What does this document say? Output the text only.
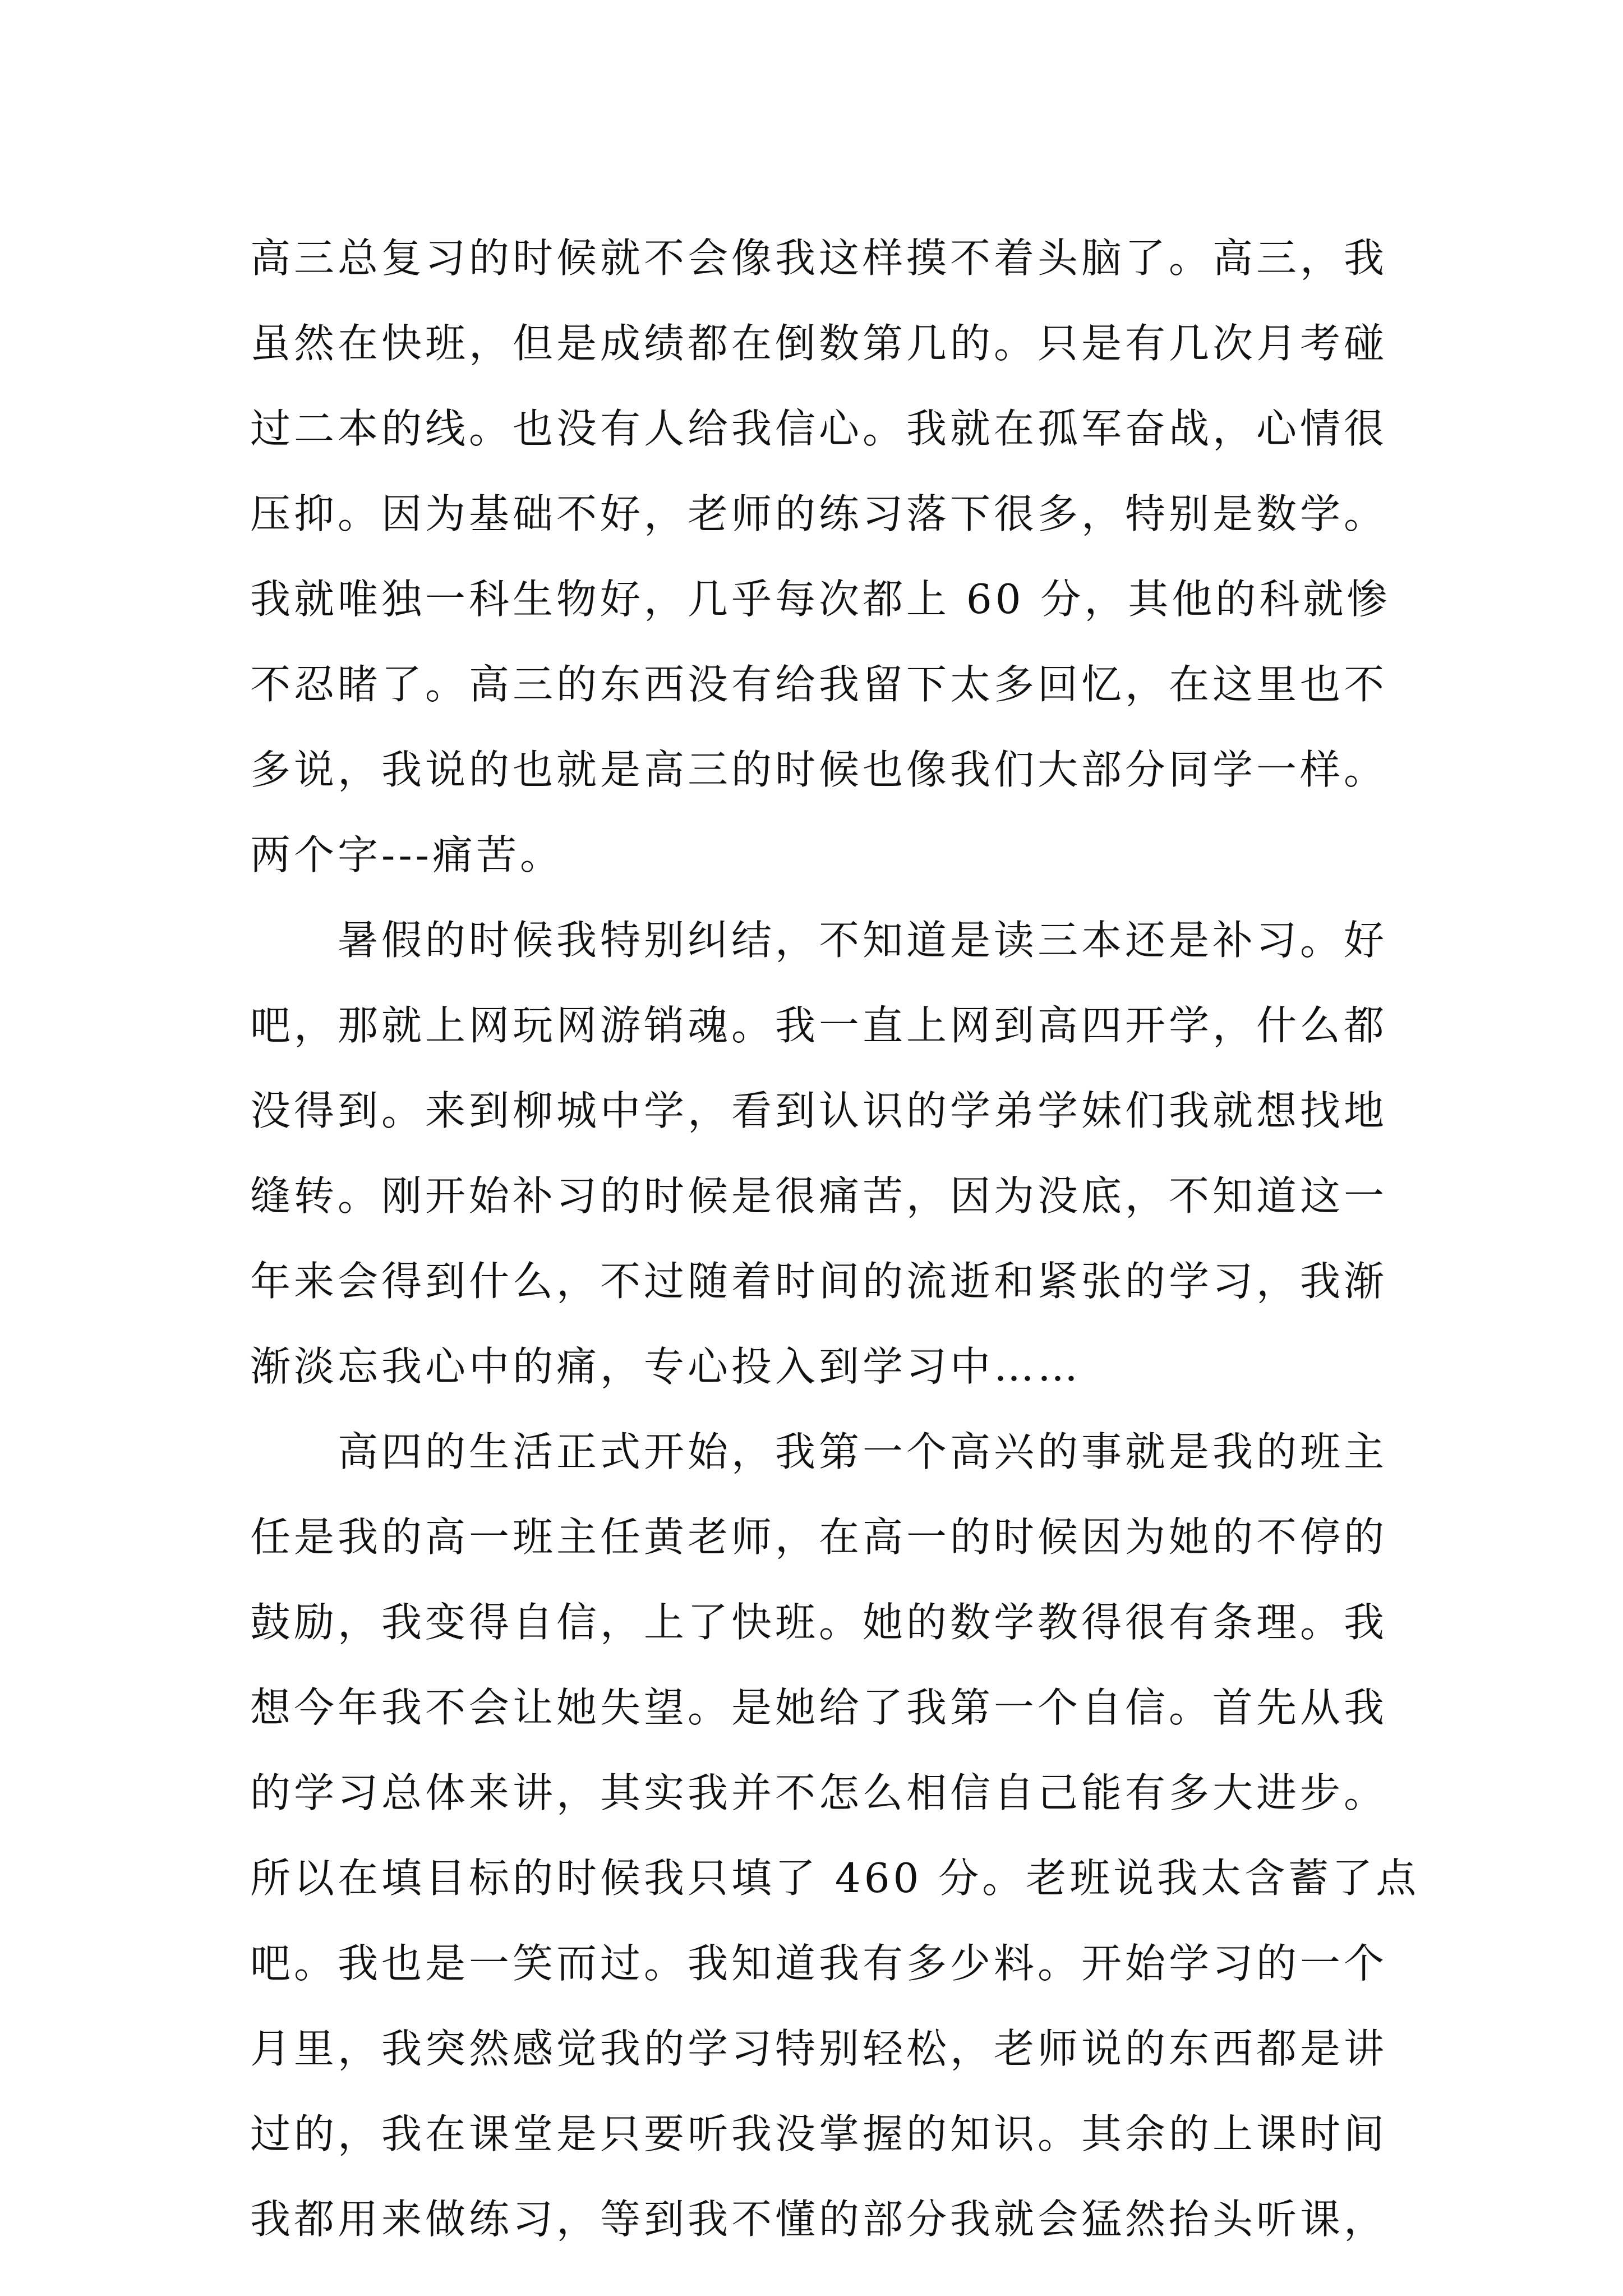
高三总复习的时候就不会像我这样摸不着头脑了。高三，我
虽然在快班，但是成绩都在倒数第几的。只是有几次月考碰
过二本的线。也没有人给我信心。我就在孤军奋战，心情很
压抑。因为基础不好，老师的练习落下很多，特别是数学。
我就唯独一科生物好，几乎每次都上 60 分，其他的科就惨
不忍睹了。高三的东西没有给我留下太多回忆，在这里也不
多说，我说的也就是高三的时候也像我们大部分同学一样。
两个字---痛苦。
　　暑假的时候我特别纠结，不知道是读三本还是补习。好
吧，那就上网玩网游销魂。我一直上网到高四开学，什么都
没得到。来到柳城中学，看到认识的学弟学妹们我就想找地
缝转。刚开始补习的时候是很痛苦，因为没底，不知道这一
年来会得到什么，不过随着时间的流逝和紧张的学习，我渐
渐淡忘我心中的痛，专心投入到学习中……
　　高四的生活正式开始，我第一个高兴的事就是我的班主
任是我的高一班主任黄老师，在高一的时候因为她的不停的
鼓励，我变得自信，上了快班。她的数学教得很有条理。我
想今年我不会让她失望。是她给了我第一个自信。首先从我
的学习总体来讲，其实我并不怎么相信自己能有多大进步。
所以在填目标的时候我只填了 460 分。老班说我太含蓄了点
吧。我也是一笑而过。我知道我有多少料。开始学习的一个
月里，我突然感觉我的学习特别轻松，老师说的东西都是讲
过的，我在课堂是只要听我没掌握的知识。其余的上课时间
我都用来做练习，等到我不懂的部分我就会猛然抬头听课，
